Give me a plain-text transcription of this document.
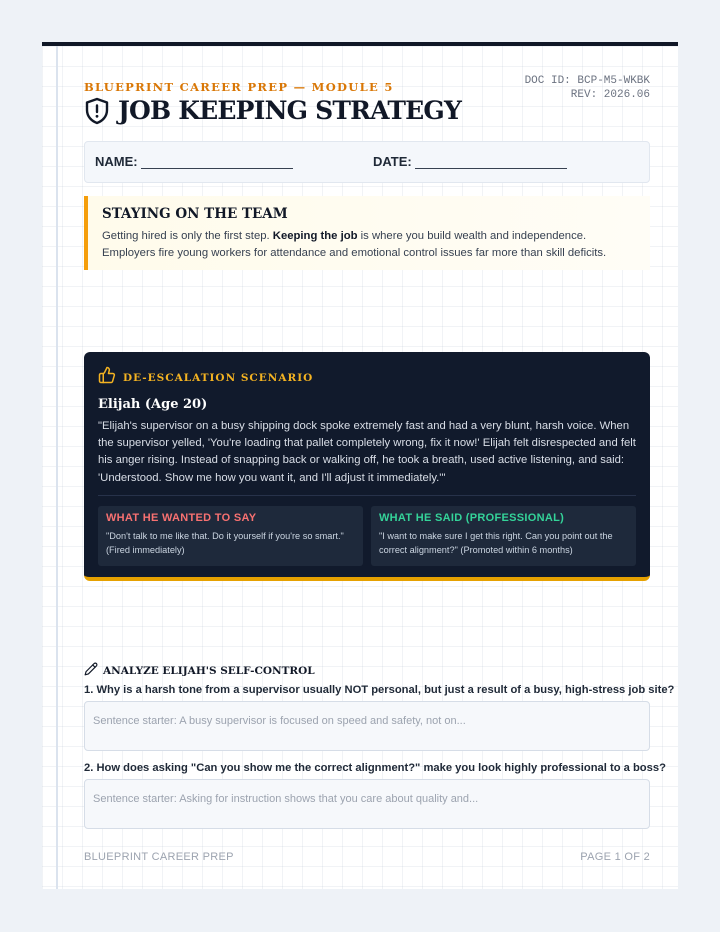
BLUEPRINT CAREER PREP — MODULE 5	DOC ID: BCP-M5-WKBK
REV: 2026.06
JOB KEEPING STRATEGY
NAME:	DATE:
STAYING ON THE TEAM

Getting hired is only the first step. Keeping the job is where you build wealth and independence. Employers fire young workers for attendance and emotional control issues far more than skill deficits.

DE-ESCALATION SCENARIO
Elijah (Age 20)
"Elijah's supervisor on a busy shipping dock spoke extremely fast and had a very blunt, harsh voice. When the supervisor yelled, 'You're loading that pallet completely wrong, fix it now!' Elijah felt disrespected and felt his anger rising. Instead of snapping back or walking off, he took a breath, used active listening, and said: 'Understood. Show me how you want it, and I'll adjust it immediately.'"
WHAT HE WANTED TO SAY
"Don't talk to me like that. Do it yourself if you're so smart." (Fired immediately)
WHAT HE SAID (PROFESSIONAL)
"I want to make sure I get this right. Can you point out the correct alignment?" (Promoted within 6 months)
ANALYZE ELIJAH'S SELF-CONTROL
1. Why is a harsh tone from a supervisor usually NOT personal, but just a result of a busy, high-stress job site?
Sentence starter: A busy supervisor is focused on speed and safety, not on...
2. How does asking "Can you show me the correct alignment?" make you look highly professional to a boss?
Sentence starter: Asking for instruction shows that you care about quality and...
BLUEPRINT CAREER PREP	PAGE 1 OF 2
